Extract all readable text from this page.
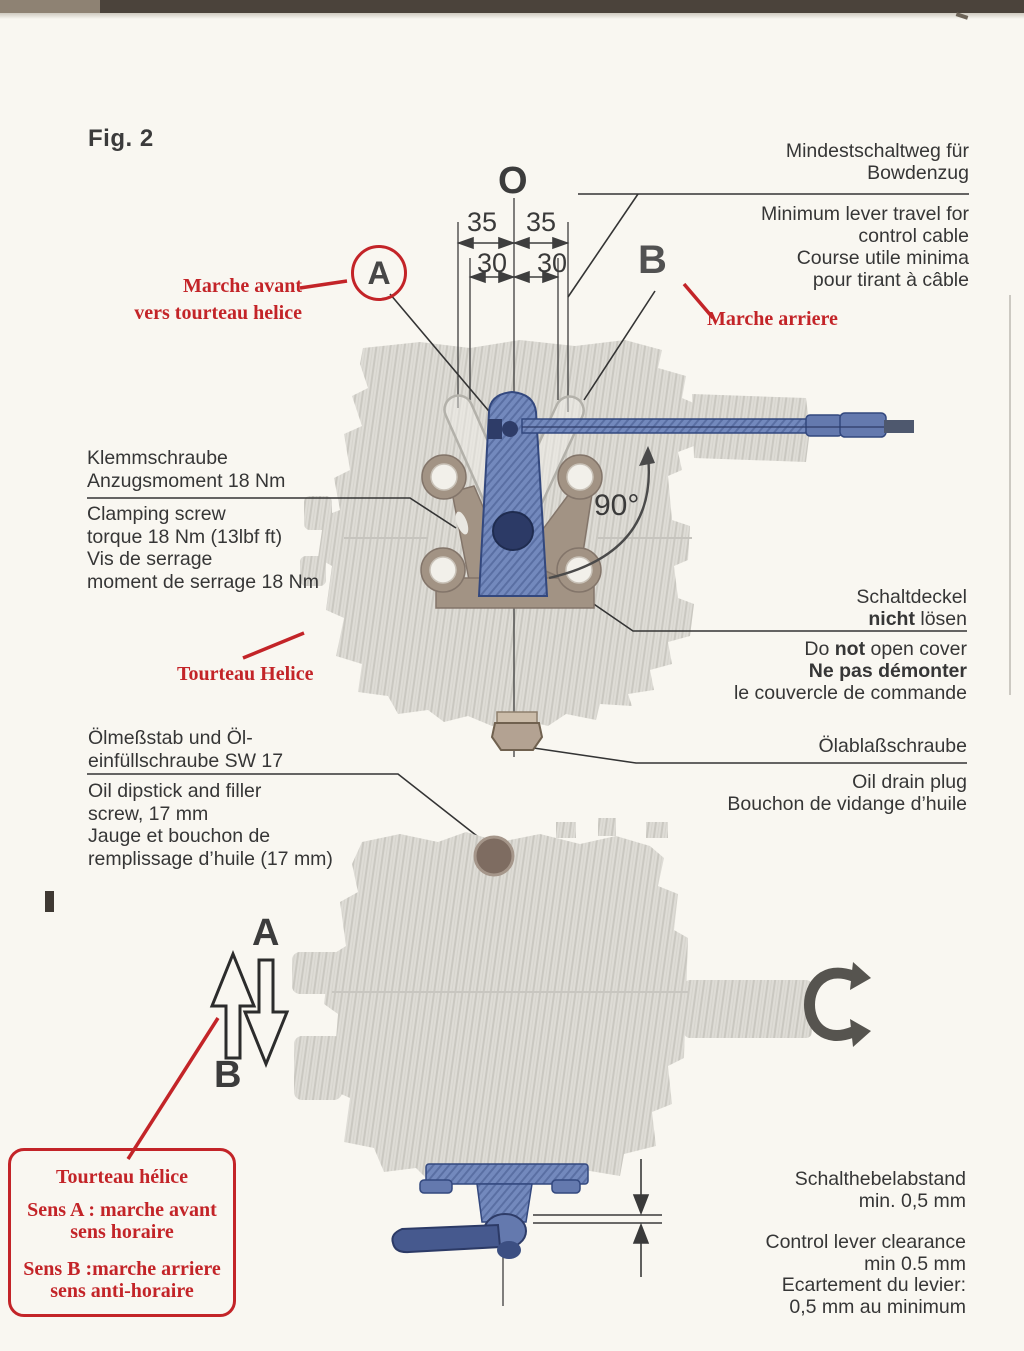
Fig. 2	Mindestschaltweg für
Bowdenzug
Minimum lever travel for
control cable
Course utile minima
pour tirant à câble
Marche avant
vers tourteau helice
A	B
Marche arriere
O
35 35
30 30
90°
Klemmschraube
Anzugsmoment 18 Nm
Clamping screw
torque 18 Nm (13lbf ft)
Vis de serrage
moment de serrage 18 Nm
Schaltdeckel
nicht lösen
Do not open cover
Ne pas démonter
le couvercle de commande
Tourteau Helice
Ölmeßstab und Öl-
einfüllschraube SW 17
Oil dipstick and filler
screw, 17 mm
Jauge et bouchon de
remplissage d’huile (17 mm)
Ölablaßschraube
Oil drain plug
Bouchon de vidange d’huile
A
B
Tourteau hélice
Sens A : marche avant
sens horaire
Sens B :marche arriere
sens anti-horaire
Schalthebelabstand
min. 0,5 mm
Control lever clearance
min 0.5 mm
Ecartement du levier:
0,5 mm au minimum
